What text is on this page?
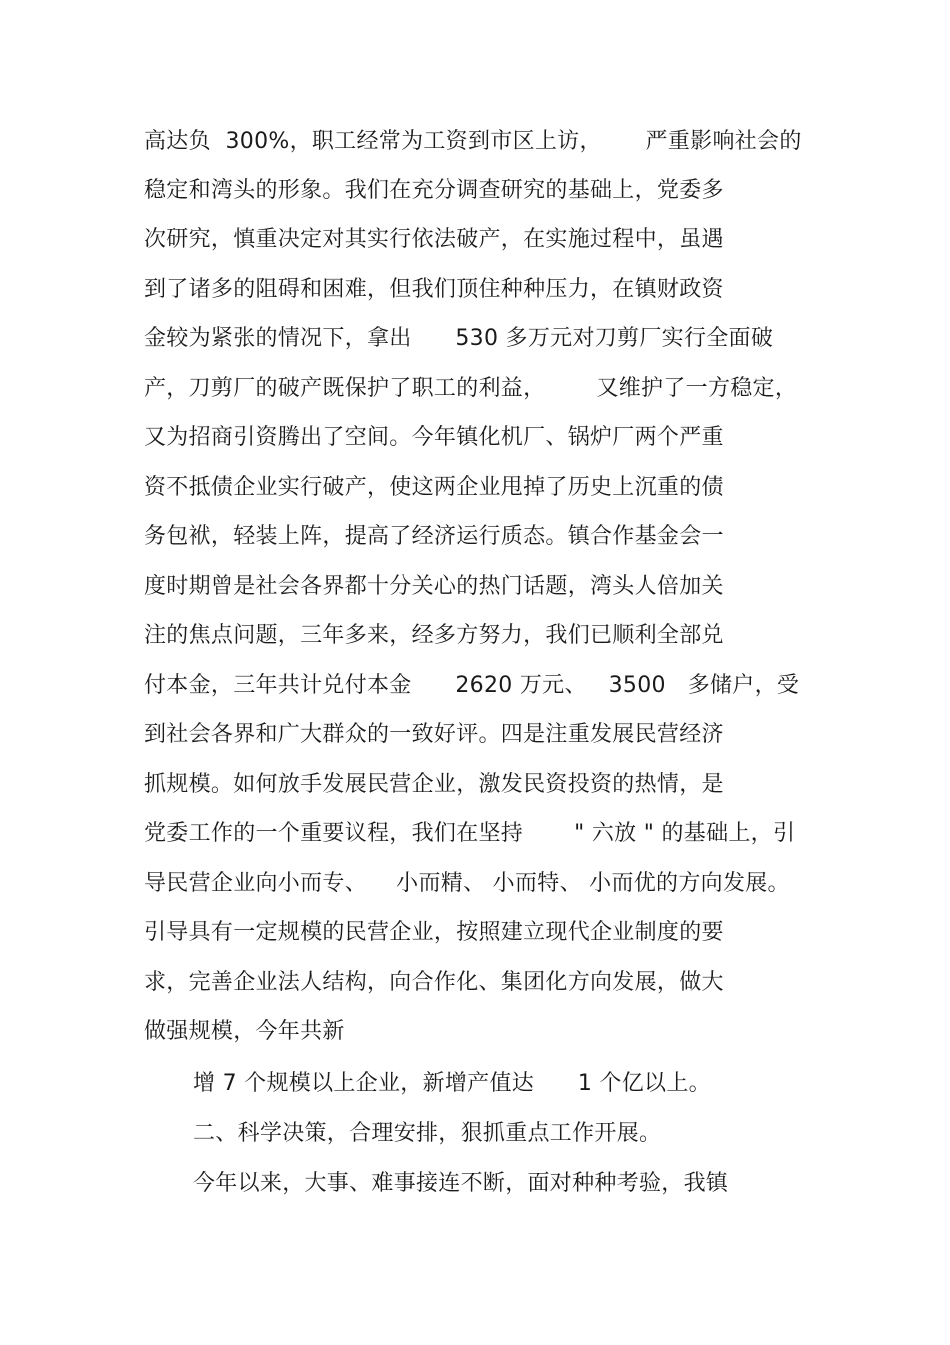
高达负  300%，职工经常为工资到市区上访，      严重影响社会的
稳定和湾头的形象。我们在充分调查研究的基础上，党委多
次研究，慎重决定对其实行依法破产，在实施过程中，虽遇
到了诸多的阻碍和困难，但我们顶住种种压力，在镇财政资
金较为紧张的情况下，拿出      530 多万元对刀剪厂实行全面破
产，刀剪厂的破产既保护了职工的利益，       又维护了一方稳定，
又为招商引资腾出了空间。今年镇化机厂、锅炉厂两个严重
资不抵债企业实行破产，使这两企业甩掉了历史上沉重的债
务包袱，轻装上阵，提高了经济运行质态。镇合作基金会一
度时期曾是社会各界都十分关心的热门话题，湾头人倍加关
注的焦点问题，三年多来，经多方努力，我们已顺利全部兑
付本金，三年共计兑付本金      2620 万元、   3500   多储户，受
到社会各界和广大群众的一致好评。四是注重发展民营经济
抓规模。如何放手发展民营企业，激发民资投资的热情，是
党委工作的一个重要议程，我们在坚持       " 六放 " 的基础上，引
导民营企业向小而专、    小而精、 小而特、 小而优的方向发展。
引导具有一定规模的民营企业，按照建立现代企业制度的要
求，完善企业法人结构，向合作化、集团化方向发展，做大
做强规模，今年共新
增 7 个规模以上企业，新增产值达      1 个亿以上。
二、科学决策，合理安排，狠抓重点工作开展。
今年以来，大事、难事接连不断，面对种种考验，我镇
